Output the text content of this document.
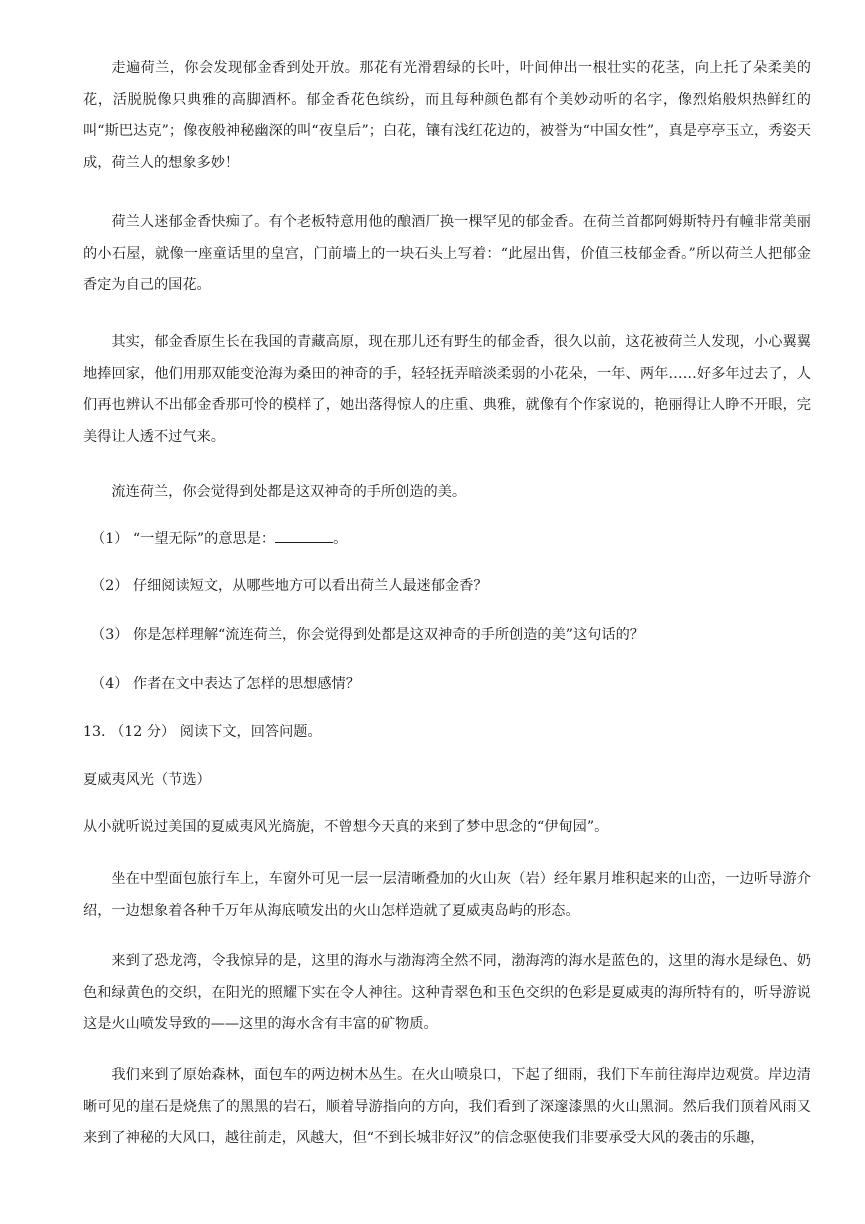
走遍荷兰，你会发现郁金香到处开放。那花有光滑碧绿的长叶，叶间伸出一根壮实的花茎，向上托了朵柔美的花，活脱脱像只典雅的高脚酒杯。郁金香花色缤纷，而且每种颜色都有个美妙动听的名字，像烈焰般炽热鲜红的叫“斯巴达克”；像夜般神秘幽深的叫“夜皇后”；白花，镶有浅红花边的，被誉为“中国女性”，真是亭亭玉立，秀姿天成，荷兰人的想象多妙！

荷兰人迷郁金香快痴了。有个老板特意用他的酿酒厂换一棵罕见的郁金香。在荷兰首都阿姆斯特丹有幢非常美丽的小石屋，就像一座童话里的皇宫，门前墙上的一块石头上写着：“此屋出售，价值三枝郁金香。”所以荷兰人把郁金香定为自己的国花。

其实，郁金香原生长在我国的青藏高原，现在那儿还有野生的郁金香，很久以前，这花被荷兰人发现，小心翼翼地捧回家，他们用那双能变沧海为桑田的神奇的手，轻轻抚弄暗淡柔弱的小花朵，一年、两年……好多年过去了，人们再也辨认不出郁金香那可怜的模样了，她出落得惊人的庄重、典雅，就像有个作家说的，艳丽得让人睁不开眼，完美得让人透不过气来。

流连荷兰，你会觉得到处都是这双神奇的手所创造的美。

（1） “一望无际”的意思是：	。
（2） 仔细阅读短文，从哪些地方可以看出荷兰人最迷郁金香？
（3） 你是怎样理解“流连荷兰，你会觉得到处都是这双神奇的手所创造的美”这句话的？
（4） 作者在文中表达了怎样的思想感情？
13. （12 分） 阅读下文，回答问题。
夏威夷风光（节选）

从小就听说过美国的夏威夷风光旖旎，不曾想今天真的来到了梦中思念的“伊甸园”。

坐在中型面包旅行车上，车窗外可见一层一层清晰叠加的火山灰（岩）经年累月堆积起来的山峦，一边听导游介绍，一边想象着各种千万年从海底喷发出的火山怎样造就了夏威夷岛屿的形态。

来到了恐龙湾，令我惊异的是，这里的海水与渤海湾全然不同，渤海湾的海水是蓝色的，这里的海水是绿色、奶色和绿黄色的交织，在阳光的照耀下实在令人神往。这种青翠色和玉色交织的色彩是夏威夷的海所特有的，听导游说这是火山喷发导致的——这里的海水含有丰富的矿物质。

我们来到了原始森林，面包车的两边树木丛生。在火山喷泉口，下起了细雨，我们下车前往海岸边观赏。岸边清晰可见的崖石是烧焦了的黑黑的岩石，顺着导游指向的方向，我们看到了深邃漆黑的火山黑洞。然后我们顶着风雨又来到了神秘的大风口，越往前走，风越大，但“不到长城非好汉”的信念驱使我们非要承受大风的袭击的乐趣，
